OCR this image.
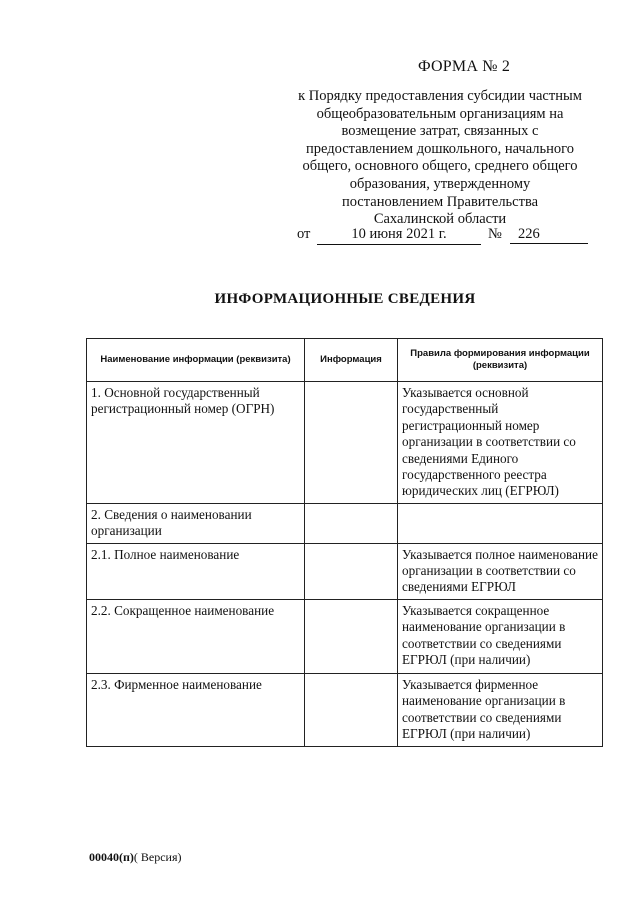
ФОРМА № 2
к Порядку предоставления субсидии частным
общеобразовательным организациям на
возмещение затрат, связанных с
предоставлением дошкольного, начального
общего, основного общего, среднего общего
образования, утвержденному
постановлением Правительства
Сахалинской области
от	10 июня 2021 г.	№	226
ИНФОРМАЦИОННЫЕ СВЕДЕНИЯ
Наименование информации (реквизита)	Информация	Правила формирования информации (реквизита)
1. Основной государственный регистрационный номер (ОГРН)		Указывается основной государственный регистрационный номер организации в соответствии со сведениями Единого государственного реестра юридических лиц (ЕГРЮЛ)
2. Сведения о наименовании организации		
2.1. Полное наименование		Указывается полное наименование организации в соответствии со сведениями ЕГРЮЛ
2.2. Сокращенное наименование		Указывается сокращенное наименование организации в соответствии со сведениями ЕГРЮЛ (при наличии)
2.3. Фирменное наименование		Указывается фирменное наименование организации в соответствии со сведениями ЕГРЮЛ (при наличии)
00040(п)( Версия)
